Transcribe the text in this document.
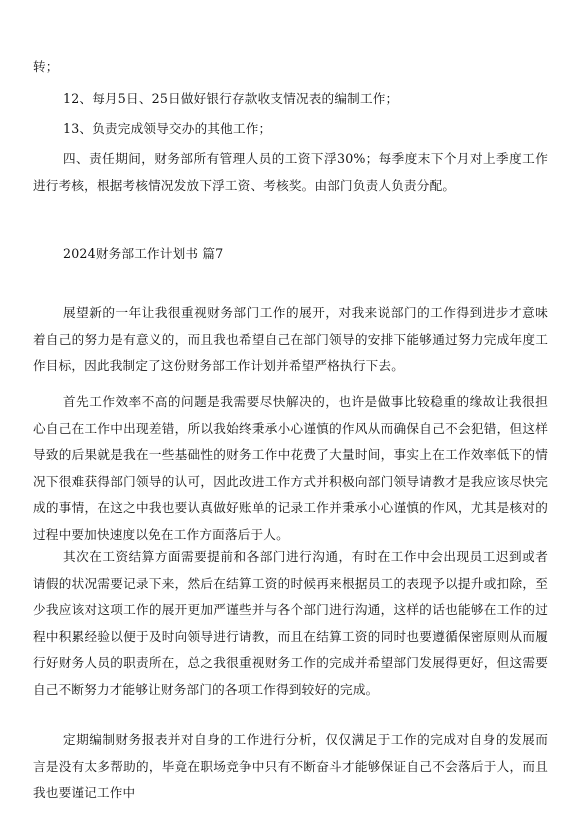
转；

12、每月5日、25日做好银行存款收支情况表的编制工作；

13、负责完成领导交办的其他工作；

四、责任期间，财务部所有管理人员的工资下浮30%；每季度末下个月对上季度工作进行考核，根据考核情况发放下浮工资、考核奖。由部门负责人负责分配。

2024财务部工作计划书 篇7

展望新的一年让我很重视财务部门工作的展开，对我来说部门的工作得到进步才意味着自己的努力是有意义的，而且我也希望自己在部门领导的安排下能够通过努力完成年度工作目标，因此我制定了这份财务部工作计划并希望严格执行下去。

首先工作效率不高的问题是我需要尽快解决的，也许是做事比较稳重的缘故让我很担心自己在工作中出现差错，所以我始终秉承小心谨慎的作风从而确保自己不会犯错，但这样导致的后果就是我在一些基础性的财务工作中花费了大量时间，事实上在工作效率低下的情况下很难获得部门领导的认可，因此改进工作方式并积极向部门领导请教才是我应该尽快完成的事情，在这之中我也要认真做好账单的记录工作并秉承小心谨慎的作风，尤其是核对的过程中要加快速度以免在工作方面落后于人。

其次在工资结算方面需要提前和各部门进行沟通，有时在工作中会出现员工迟到或者请假的状况需要记录下来，然后在结算工资的时候再来根据员工的表现予以提升或扣除，至少我应该对这项工作的展开更加严谨些并与各个部门进行沟通，这样的话也能够在工作的过程中积累经验以便于及时向领导进行请教，而且在结算工资的同时也要遵循保密原则从而履行好财务人员的职责所在，总之我很重视财务工作的完成并希望部门发展得更好，但这需要自己不断努力才能够让财务部门的各项工作得到较好的完成。

定期编制财务报表并对自身的工作进行分析，仅仅满足于工作的完成对自身的发展而言是没有太多帮助的，毕竟在职场竞争中只有不断奋斗才能够保证自己不会落后于人，而且我也要谨记工作中
